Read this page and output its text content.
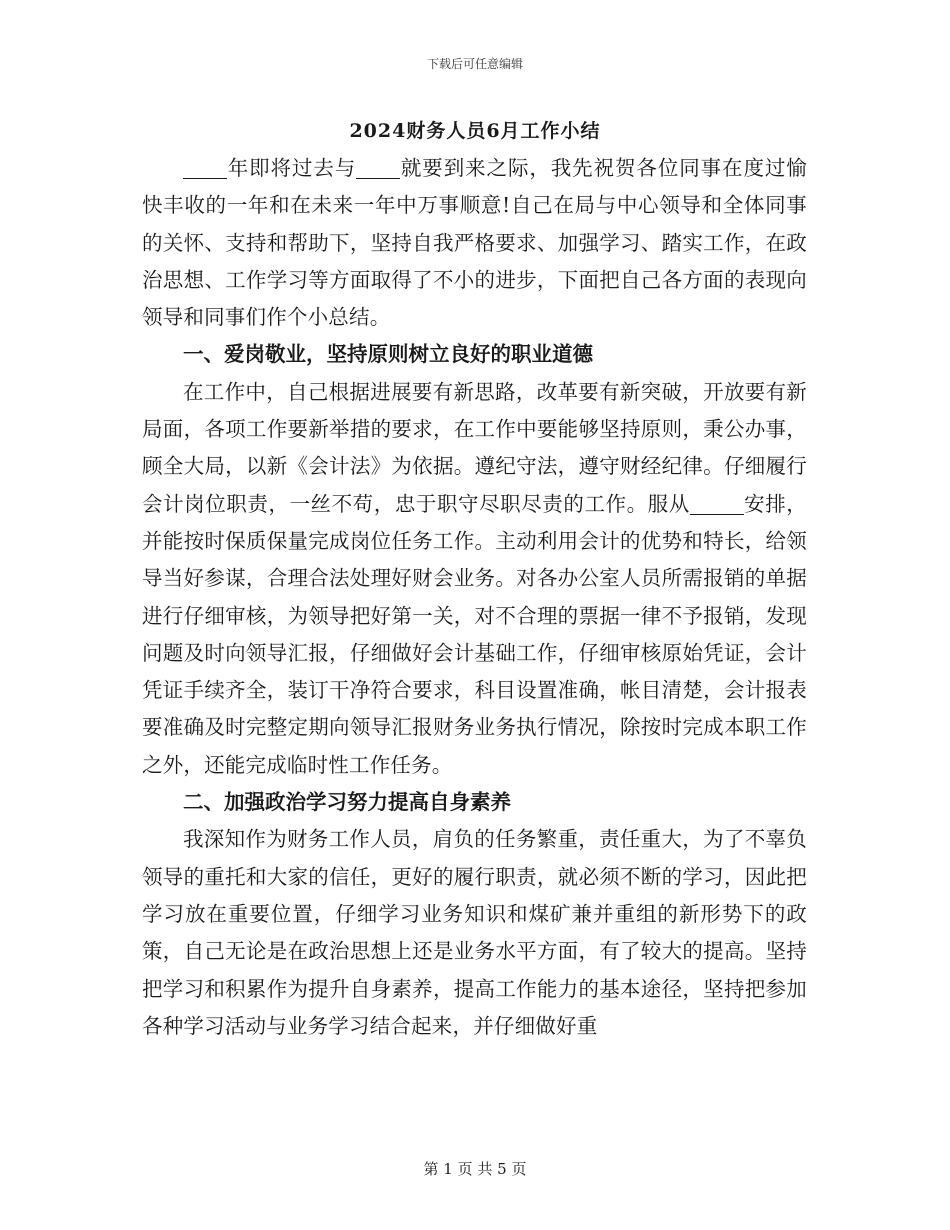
下载后可任意编辑
2024财务人员6月工作小结

年即将过去与 就要到来之际，我先祝贺各位同事在度过愉快丰收的一年和在未来一年中万事顺意!自己在局与中心领导和全体同事的关怀、支持和帮助下，坚持自我严格要求、加强学习、踏实工作，在政治思想、工作学习等方面取得了不小的进步，下面把自己各方面的表现向领导和同事们作个小总结。

一、爱岗敬业，坚持原则树立良好的职业道德

在工作中，自己根据进展要有新思路，改革要有新突破，开放要有新局面，各项工作要新举措的要求，在工作中要能够坚持原则，秉公办事，顾全大局，以新《会计法》为依据。遵纪守法，遵守财经纪律。仔细履行会计岗位职责，一丝不苟，忠于职守尽职尽责的工作。服从	安排，并能按时保质保量完成岗位任务工作。主动利用会计的优势和特长，给领导当好参谋，合理合法处理好财会业务。对各办公室人员所需报销的单据进行仔细审核，为领导把好第一关，对不合理的票据一律不予报销，发现问题及时向领导汇报，仔细做好会计基础工作，仔细审核原始凭证，会计凭证手续齐全，装订干净符合要求，科目设置准确，帐目清楚，会计报表要准确及时完整定期向领导汇报财务业务执行情况，除按时完成本职工作之外，还能完成临时性工作任务。

二、加强政治学习努力提高自身素养

我深知作为财务工作人员，肩负的任务繁重，责任重大，为了不辜负领导的重托和大家的信任，更好的履行职责，就必须不断的学习，因此把学习放在重要位置，仔细学习业务知识和煤矿兼并重组的新形势下的政策，自己无论是在政治思想上还是业务水平方面，有了较大的提高。坚持把学习和积累作为提升自身素养，提高工作能力的基本途径，坚持把参加各种学习活动与业务学习结合起来，并仔细做好重

第 1 页 共 5 页
